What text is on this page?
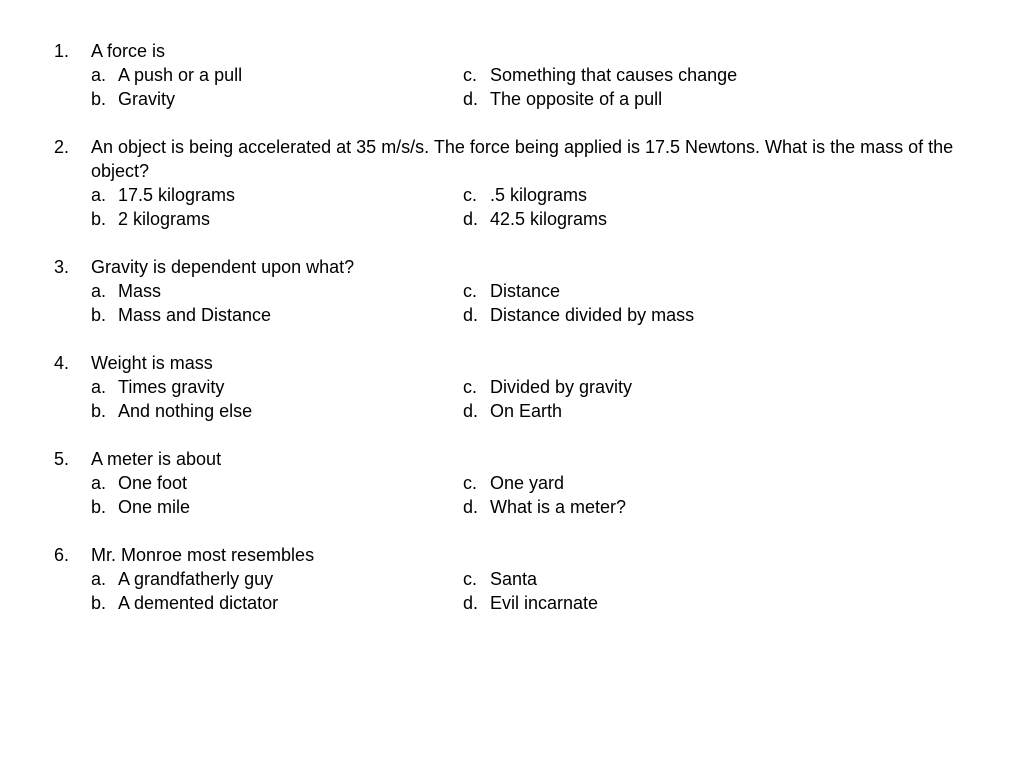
1.	A force is
a. A push or a pull	c. Something that causes change
b. Gravity	d. The opposite of a pull
2.	An object is being accelerated at 35 m/s/s. The force being applied is 17.5 Newtons. What is the mass of the object?
a. 17.5 kilograms	c. .5 kilograms
b. 2 kilograms	d. 42.5 kilograms
3.	Gravity is dependent upon what?
a. Mass	c. Distance
b. Mass and Distance	d. Distance divided by mass
4.	Weight is mass
a. Times gravity	c. Divided by gravity
b. And nothing else	d. On Earth
5.	A meter is about
a. One foot	c. One yard
b. One mile	d. What is a meter?
6.	Mr. Monroe most resembles
a. A grandfatherly guy	c. Santa
b. A demented dictator	d. Evil incarnate
